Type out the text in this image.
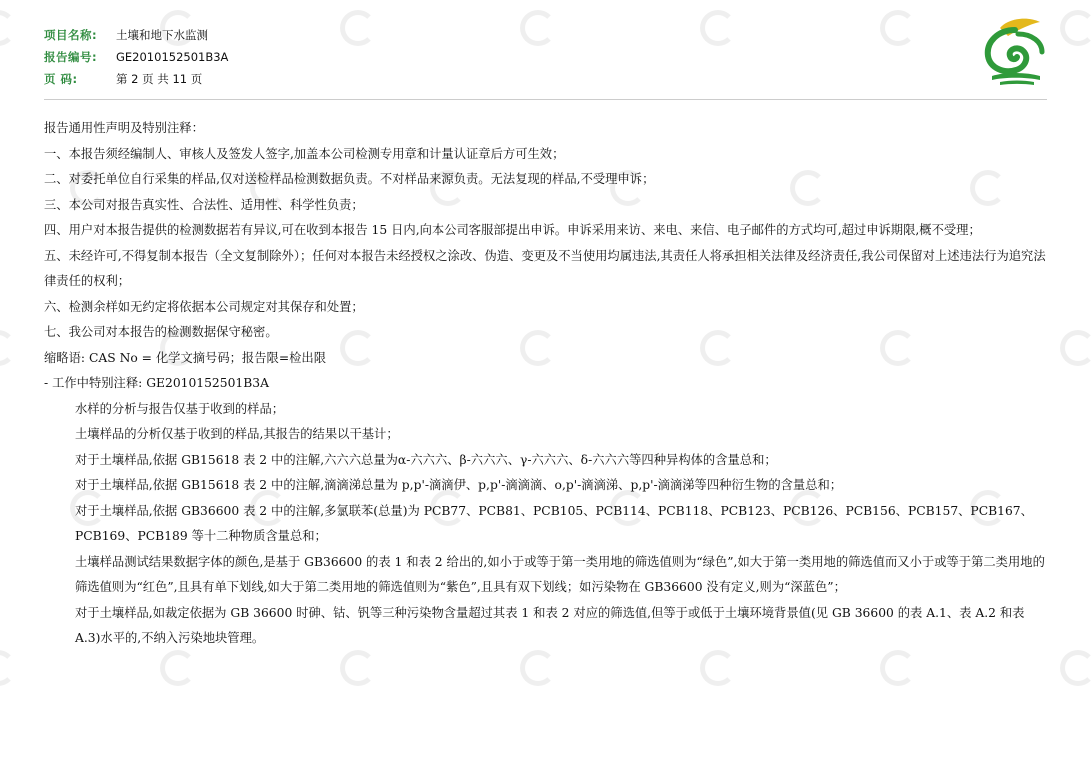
项目名称:	土壤和地下水监测
报告编号:	GE2010152501B3A
页 码:	第 2 页 共 11 页

报告通用性声明及特别注释：

一、本报告须经编制人、审核人及签发人签字,加盖本公司检测专用章和计量认证章后方可生效；

二、对委托单位自行采集的样品,仅对送检样品检测数据负责。不对样品来源负责。无法复现的样品,不受理申诉；

三、本公司对报告真实性、合法性、适用性、科学性负责；

四、用户对本报告提供的检测数据若有异议,可在收到本报告 15 日内,向本公司客服部提出申诉。申诉采用来访、来电、来信、电子邮件的方式均可,超过申诉期限,概不受理；

五、未经许可,不得复制本报告（全文复制除外）；任何对本报告未经授权之涂改、伪造、变更及不当使用均属违法,其责任人将承担相关法律及经济责任,我公司保留对上述违法行为追究法律责任的权利；

六、检测余样如无约定将依据本公司规定对其保存和处置；

七、我公司对本报告的检测数据保守秘密。

缩略语: CAS No = 化学文摘号码；报告限=检出限

- 工作中特别注释: GE2010152501B3A

水样的分析与报告仅基于收到的样品；

土壤样品的分析仅基于收到的样品,其报告的结果以干基计；

对于土壤样品,依据 GB15618 表 2 中的注解,六六六总量为α-六六六、β-六六六、γ-六六六、δ-六六六等四种异构体的含量总和；

对于土壤样品,依据 GB15618 表 2 中的注解,滴滴涕总量为 p,p'-滴滴伊、p,p'-滴滴滴、o,p'-滴滴涕、p,p'-滴滴涕等四种衍生物的含量总和；

对于土壤样品,依据 GB36600 表 2 中的注解,多氯联苯(总量)为 PCB77、PCB81、PCB105、PCB114、PCB118、PCB123、PCB126、PCB156、PCB157、PCB167、PCB169、PCB189 等十二种物质含量总和；

土壤样品测试结果数据字体的颜色,是基于 GB36600 的表 1 和表 2 给出的,如小于或等于第一类用地的筛选值则为“绿色”,如大于第一类用地的筛选值而又小于或等于第二类用地的筛选值则为“红色”,且具有单下划线,如大于第二类用地的筛选值则为“紫色”,且具有双下划线；如污染物在 GB36600 没有定义,则为“深蓝色”；

对于土壤样品,如裁定依据为 GB 36600 时砷、钴、钒等三种污染物含量超过其表 1 和表 2 对应的筛选值,但等于或低于土壤环境背景值(见 GB 36600 的表 A.1、表 A.2 和表 A.3)水平的,不纳入污染地块管理。
